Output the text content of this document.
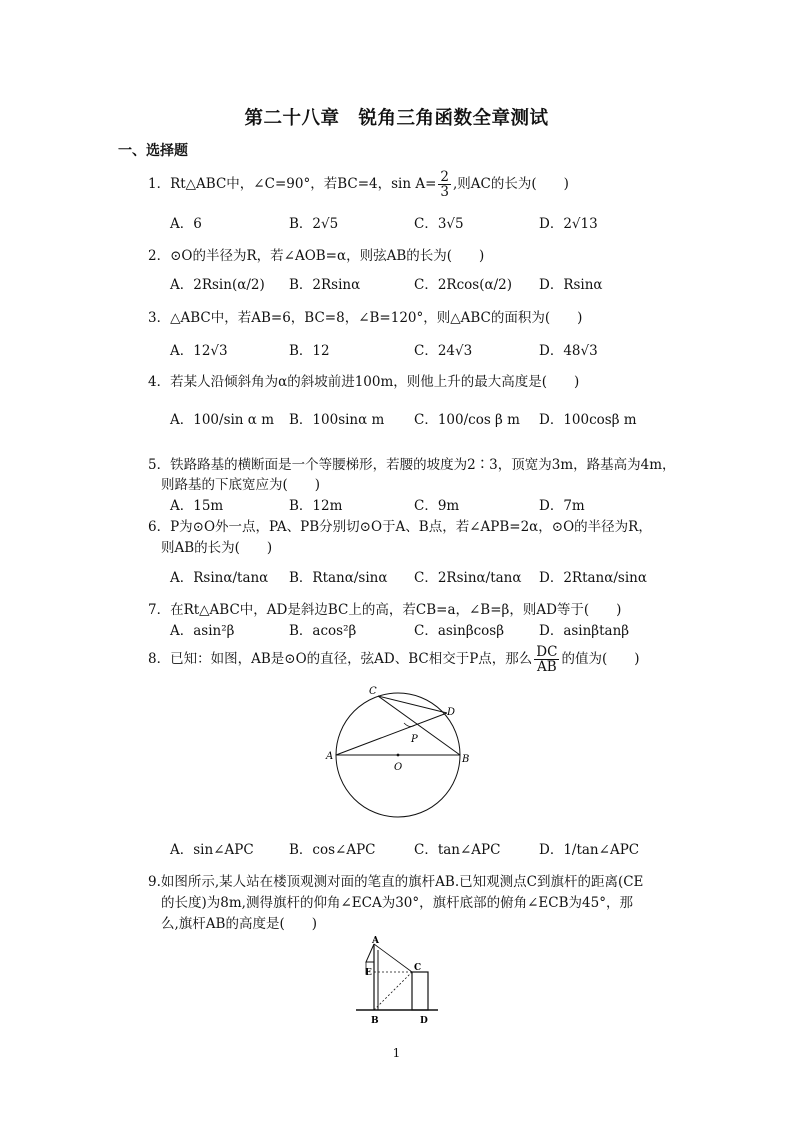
第二十八章　锐角三角函数全章测试
一、选择题
1．Rt△ABC中，∠C=90°，若BC=4，$\sin A= \frac{2}{3}$ ,则AC的长为(　　)
A．6	B．2√5	C．3√5	D．2√13
2．⊙O的半径为R，若∠AOB=α，则弦AB的长为(　　)
A．2Rsin(α/2) B．2Rsinα	C．2Rcos(α/2) D．Rsinα
3．△ABC中，若AB=6，BC=8，∠B=120°，则△ABC的面积为(　　)
A．12√3	B．12	C．24√3	D．48√3
4．若某人沿倾斜角为α的斜坡前进100m，则他上升的最大高度是(　　)
A．100/sin α m B．100sinα m C．100/cos β m D．100cosβ m
5．铁路路基的横断面是一个等腰梯形，若腰的坡度为2∶3，顶宽为3m，路基高为4m，
则路基的下底宽应为(　　)
A．15m	B．12m	C．9m	D．7m
6．P为⊙O外一点，PA、PB分别切⊙O于A、B点，若∠APB=2α，⊙O的半径为R，
则AB的长为(　　)
A．Rsinα/tanα B．Rtanα/sinα C．2Rsinα/tanα D．2Rtanα/sinα
7．在Rt△ABC中，AD是斜边BC上的高，若CB=a，∠B=β，则AD等于(　　)
A．asin²β	B．acos²β	C．asinβcosβ	D．asinβtanβ
8．已知：如图，AB是⊙O的直径，弦AD、BC相交于P点，那么 $\frac{DC}{AB}$ 的值为(　　)
A	B
C
D
O
P
A．sin∠APC	B．cos∠APC	C．tan∠APC	D．1/tan∠APC
9.如图所示,某人站在楼顶观测对面的笔直的旗杆AB.已知观测点C到旗杆的距离(CE
的长度)为8m,测得旗杆的仰角∠ECA为30°，旗杆底部的俯角∠ECB为45°，那
么,旗杆AB的高度是(　　)
A
E	C
B	D
1
